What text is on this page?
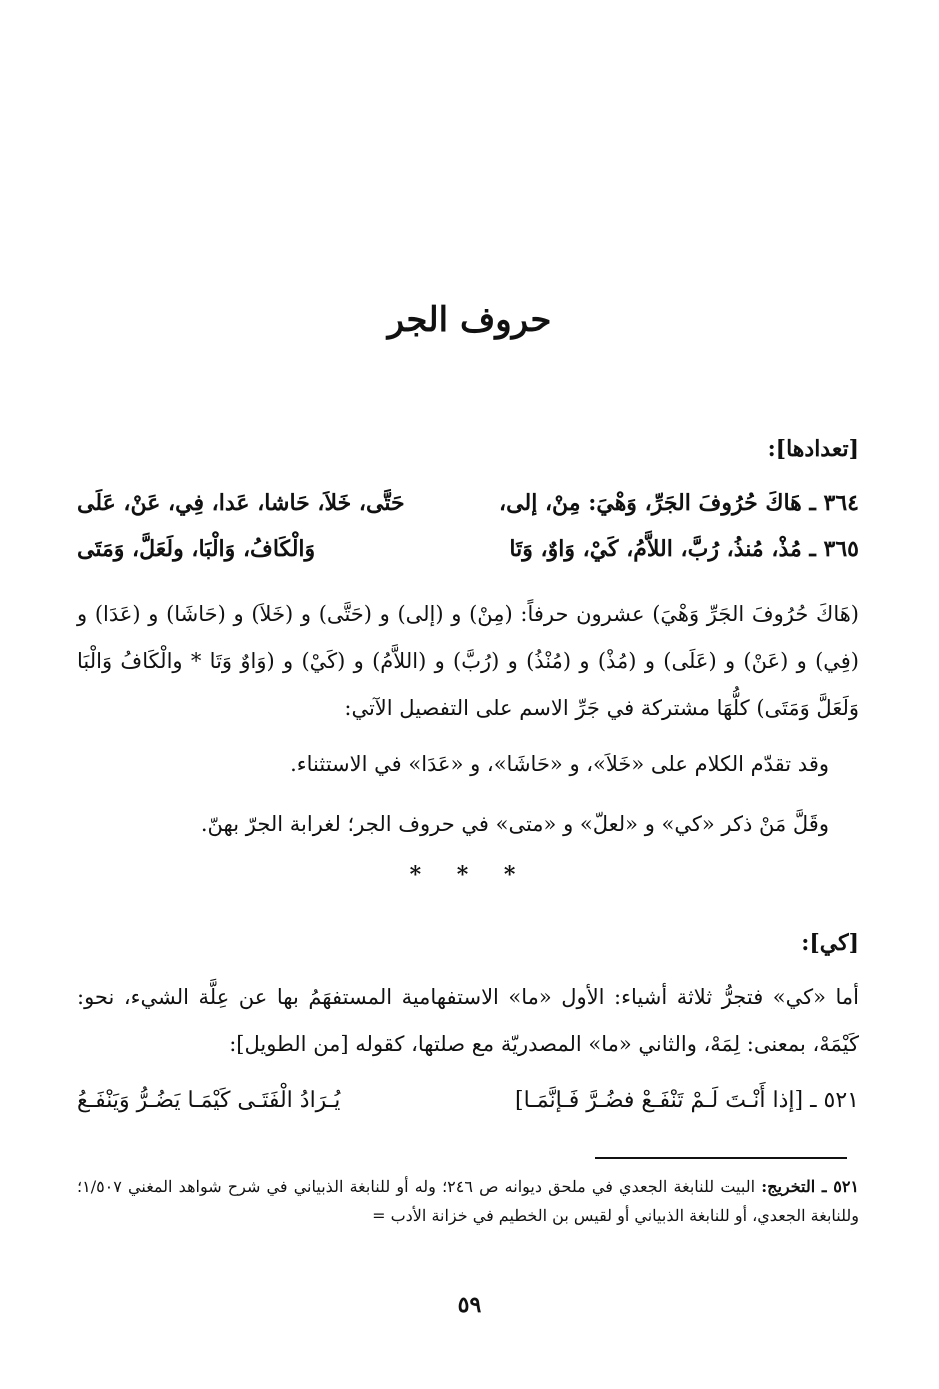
حروف الجر
[تعدادها]:
٣٦٤ ـ هَاكَ حُرُوفَ الجَرِّ، وَهْيَ: مِنْ، إلى،
حَتَّى، خَلاَ، حَاشا، عَدا، فِي، عَنْ، عَلَى
٣٦٥ ـ مُذْ، مُنذُ، رُبَّ، اللاَّمُ، كَيْ، وَاوٌ، وَتَا
وَالْكَافُ، وَالْبَا، ولَعَلَّ، وَمَتَى

(هَاكَ حُرُوفَ الجَرِّ وَهْيَ) عشرون حرفاً: (مِنْ) و (إلى) و (حَتَّى) و (خَلاَ) و (حَاشَا) و (عَدَا) و (فِي) و (عَنْ) و (عَلَى) و (مُذْ) و (مُنْذُ) و (رُبَّ) و (اللاَّمُ) و (كَيْ) و (وَاوٌ وَتَا * والْكَافُ وَالْبَا وَلَعَلَّ وَمَتَى) كلُّهَا مشتركة في جَرِّ الاسم على التفصيل الآتي:

وقد تقدّم الكلام على «خَلاَ»، و «حَاشَا»، و «عَدَا» في الاستثناء.
وقَلَّ مَنْ ذكر «كي» و «لعلّ» و «متى» في حروف الجر؛ لغرابة الجرّ بهنّ.
* * *
[كي]:

أما «كي» فتجرُّ ثلاثة أشياء: الأول «ما» الاستفهامية المستفهَمُ بها عن عِلَّة الشيء، نحو: كَيْمَهْ، بمعنى: لِمَهْ، والثاني «ما» المصدريّة مع صلتها، كقوله [من الطويل]:

٥٢١ ـ [إذا أَنْـتَ لَـمْ تَنْفَـعْ فضُـرَّ فَـإنَّمَـا]
يُـرَادُ الْفَتَـى كَيْمَـا يَضُـرُّ وَيَنْفَـعُ

٥٢١ ـ التخريج: البيت للنابغة الجعدي في ملحق ديوانه ص ٢٤٦؛ وله أو للنابغة الذبياني في شرح شواهد المغني ١/٥٠٧؛ وللنابغة الجعدي، أو للنابغة الذبياني أو لقيس بن الخطيم في خزانة الأدب =

٥٩
